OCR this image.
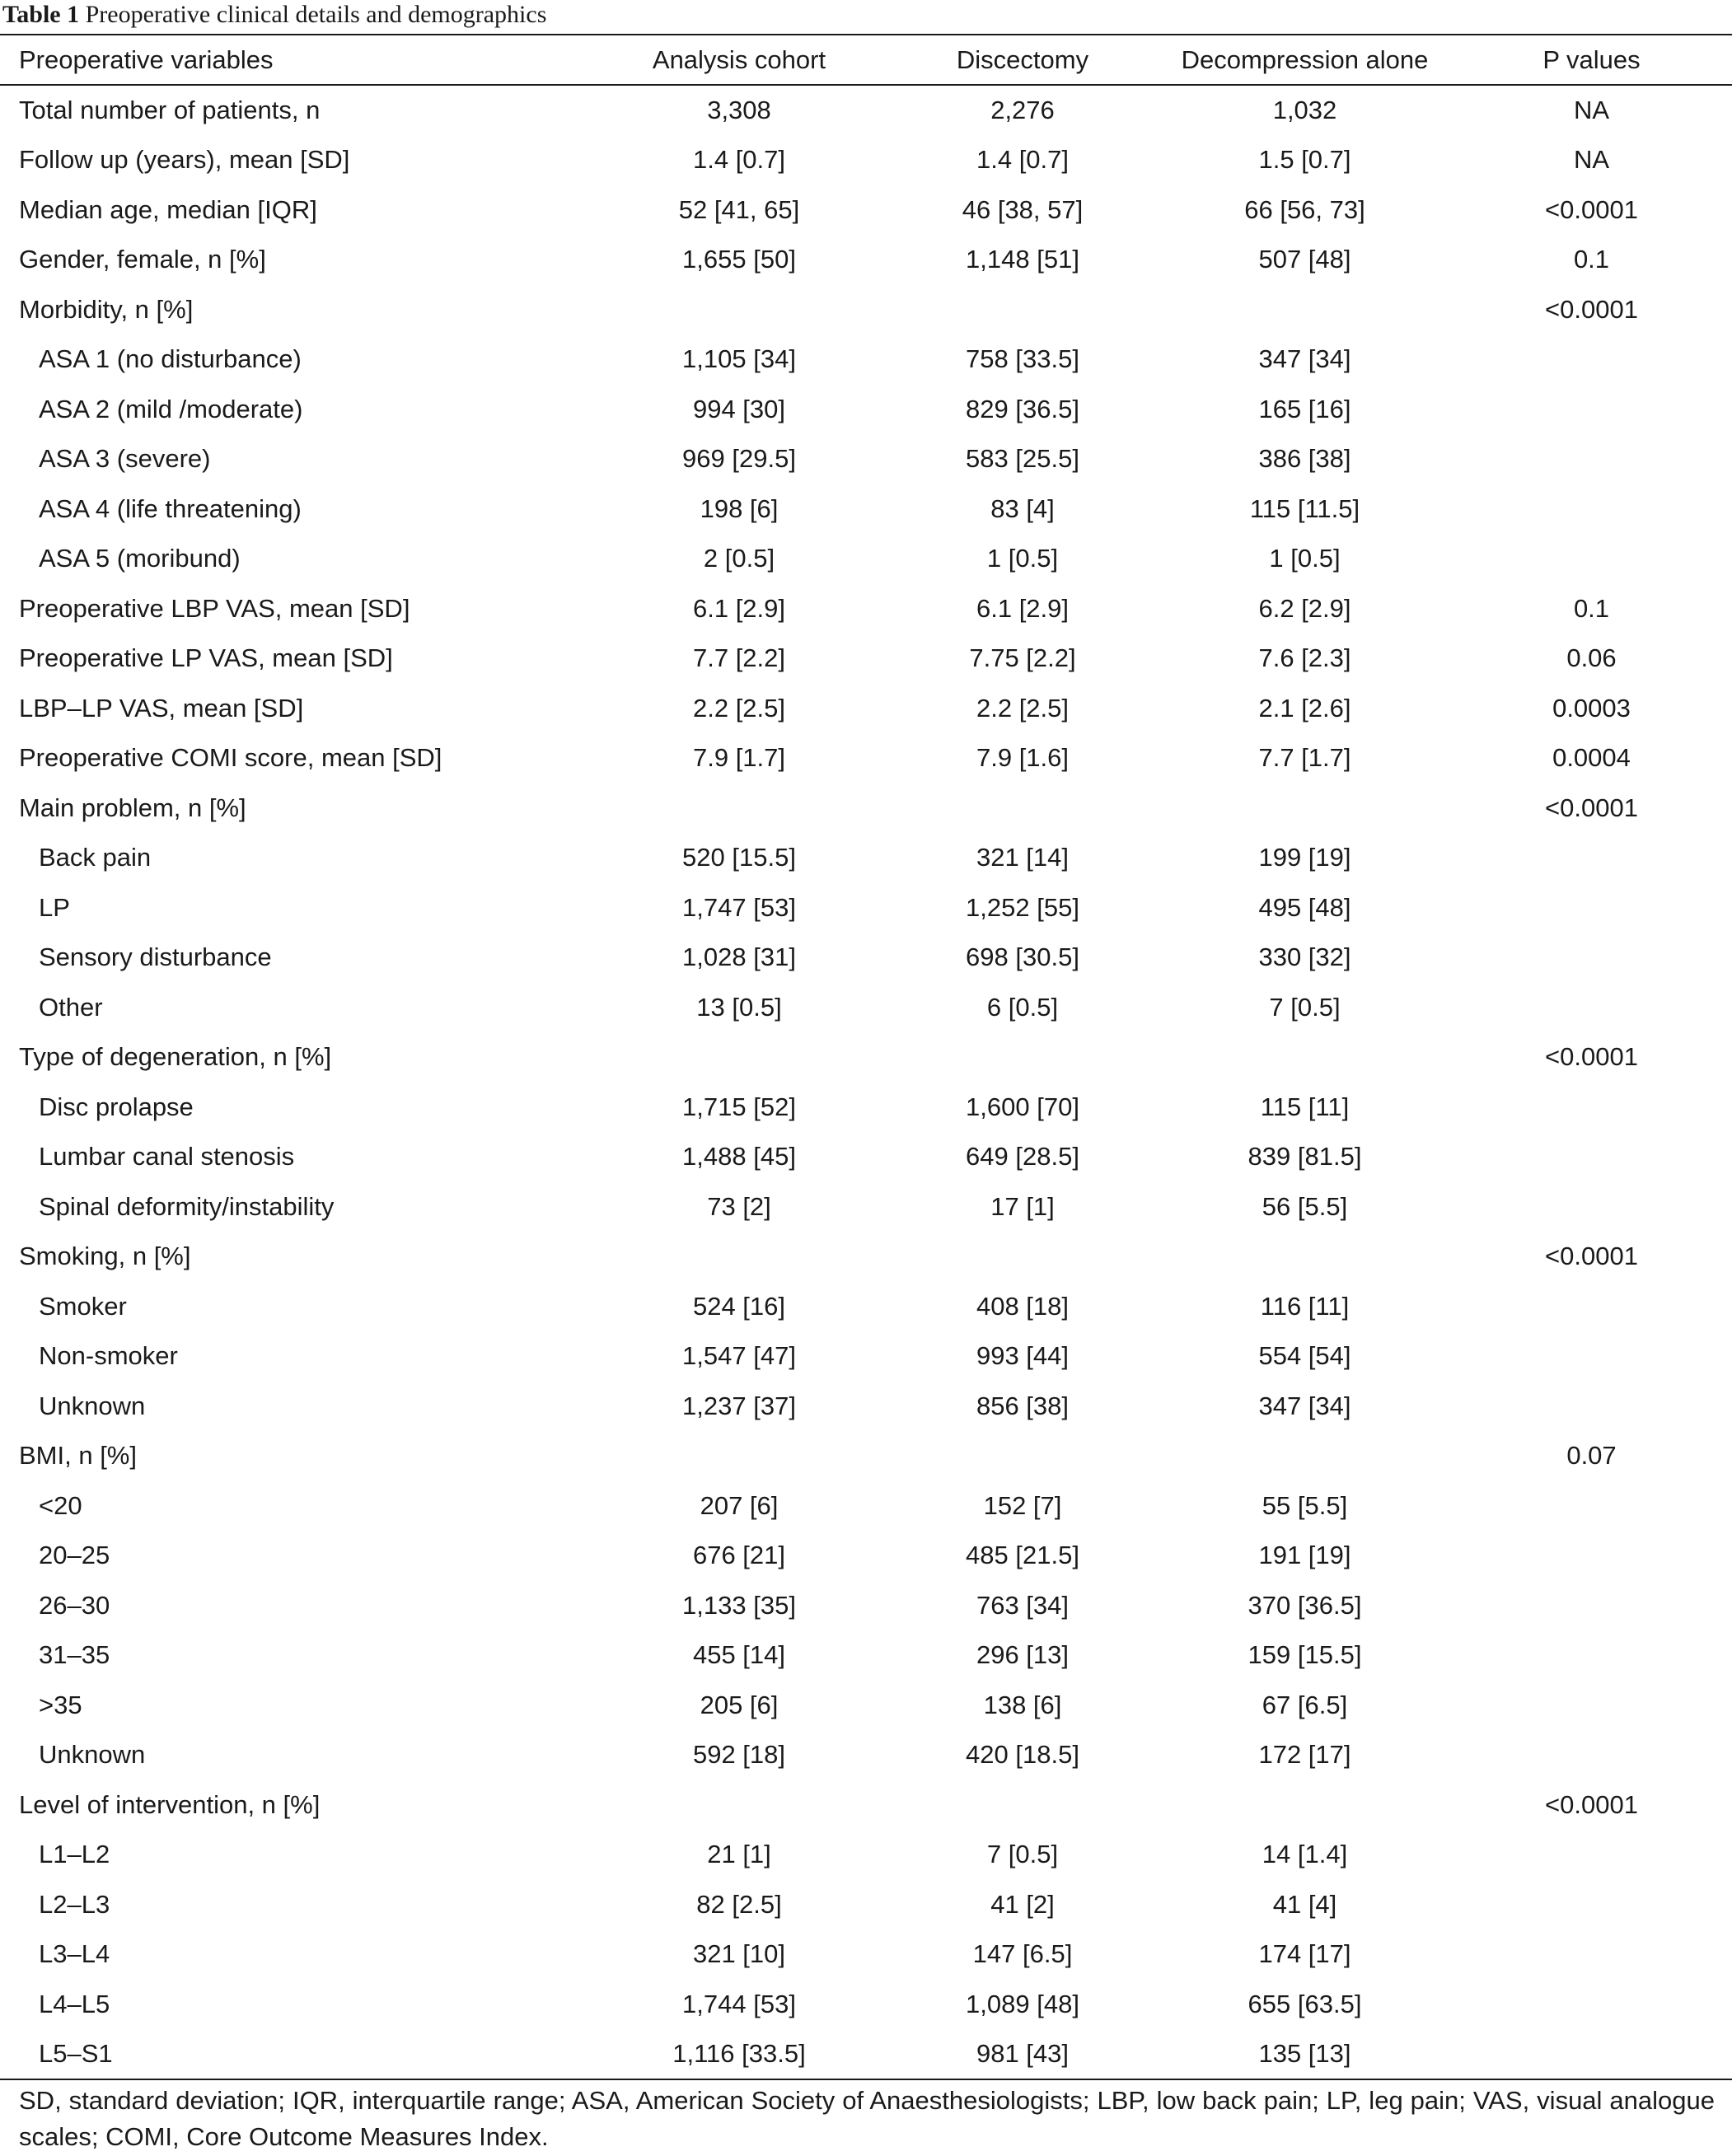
Table 1 Preoperative clinical details and demographics
Preoperative variables	Analysis cohort	Discectomy	Decompression alone	P values
Total number of patients, n	3,308	2,276	1,032	NA
Follow up (years), mean [SD]	1.4 [0.7]	1.4 [0.7]	1.5 [0.7]	NA
Median age, median [IQR]	52 [41, 65]	46 [38, 57]	66 [56, 73]	<0.0001
Gender, female, n [%]	1,655 [50]	1,148 [51]	507 [48]	0.1
Morbidity, n [%]				<0.0001
ASA 1 (no disturbance)	1,105 [34]	758 [33.5]	347 [34]	
ASA 2 (mild /moderate)	994 [30]	829 [36.5]	165 [16]	
ASA 3 (severe)	969 [29.5]	583 [25.5]	386 [38]	
ASA 4 (life threatening)	198 [6]	83 [4]	115 [11.5]	
ASA 5 (moribund)	2 [0.5]	1 [0.5]	1 [0.5]	
Preoperative LBP VAS, mean [SD]	6.1 [2.9]	6.1 [2.9]	6.2 [2.9]	0.1
Preoperative LP VAS, mean [SD]	7.7 [2.2]	7.75 [2.2]	7.6 [2.3]	0.06
LBP–LP VAS, mean [SD]	2.2 [2.5]	2.2 [2.5]	2.1 [2.6]	0.0003
Preoperative COMI score, mean [SD]	7.9 [1.7]	7.9 [1.6]	7.7 [1.7]	0.0004
Main problem, n [%]				<0.0001
Back pain	520 [15.5]	321 [14]	199 [19]	
LP	1,747 [53]	1,252 [55]	495 [48]	
Sensory disturbance	1,028 [31]	698 [30.5]	330 [32]	
Other	13 [0.5]	6 [0.5]	7 [0.5]	
Type of degeneration, n [%]				<0.0001
Disc prolapse	1,715 [52]	1,600 [70]	115 [11]	
Lumbar canal stenosis	1,488 [45]	649 [28.5]	839 [81.5]	
Spinal deformity/instability	73 [2]	17 [1]	56 [5.5]	
Smoking, n [%]				<0.0001
Smoker	524 [16]	408 [18]	116 [11]	
Non-smoker	1,547 [47]	993 [44]	554 [54]	
Unknown	1,237 [37]	856 [38]	347 [34]	
BMI, n [%]				0.07
<20	207 [6]	152 [7]	55 [5.5]	
20–25	676 [21]	485 [21.5]	191 [19]	
26–30	1,133 [35]	763 [34]	370 [36.5]	
31–35	455 [14]	296 [13]	159 [15.5]	
>35	205 [6]	138 [6]	67 [6.5]	
Unknown	592 [18]	420 [18.5]	172 [17]	
Level of intervention, n [%]				<0.0001
L1–L2	21 [1]	7 [0.5]	14 [1.4]	
L2–L3	82 [2.5]	41 [2]	41 [4]	
L3–L4	321 [10]	147 [6.5]	174 [17]	
L4–L5	1,744 [53]	1,089 [48]	655 [63.5]	
L5–S1	1,116 [33.5]	981 [43]	135 [13]	
SD, standard deviation; IQR, interquartile range; ASA, American Society of Anaesthesiologists; LBP, low back pain; LP, leg pain; VAS, visual analogue scales; COMI, Core Outcome Measures Index.
